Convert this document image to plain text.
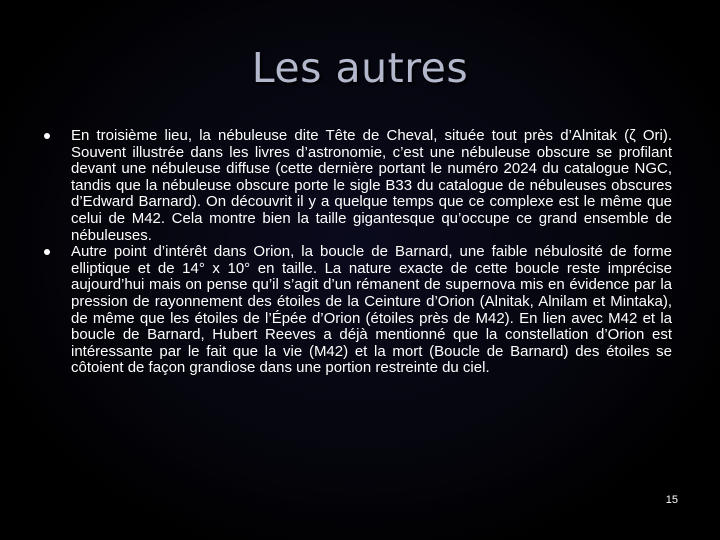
Les autres
En troisième lieu, la nébuleuse dite Tête de Cheval, située tout près d’Alnitak (ζ Ori). Souvent illustrée dans les livres d’astronomie, c’est une nébuleuse obscure se profilant devant une nébuleuse diffuse (cette dernière portant le numéro 2024 du catalogue NGC, tandis que la nébuleuse obscure porte le sigle B33 du catalogue de nébuleuses obscures d’Edward Barnard). On découvrit il y a quelque temps que ce complexe est le même que celui de M42. Cela montre bien la taille gigantesque qu’occupe ce grand ensemble de nébuleuses.
Autre point d’intérêt dans Orion, la boucle de Barnard, une faible nébulosité de forme elliptique et de 14° x 10° en taille. La nature exacte de cette boucle reste imprécise aujourd’hui mais on pense qu’il s’agit d’un rémanent de supernova mis en évidence par la pression de rayonnement des étoiles de la Ceinture d’Orion (Alnitak, Alnilam et Mintaka), de même que les étoiles de l’Épée d’Orion (étoiles près de M42). En lien avec M42 et la boucle de Barnard, Hubert Reeves a déjà mentionné que la constellation d’Orion est intéressante par le fait que la vie (M42) et la mort (Boucle de Barnard) des étoiles se côtoient de façon grandiose dans une portion restreinte du ciel.
15
